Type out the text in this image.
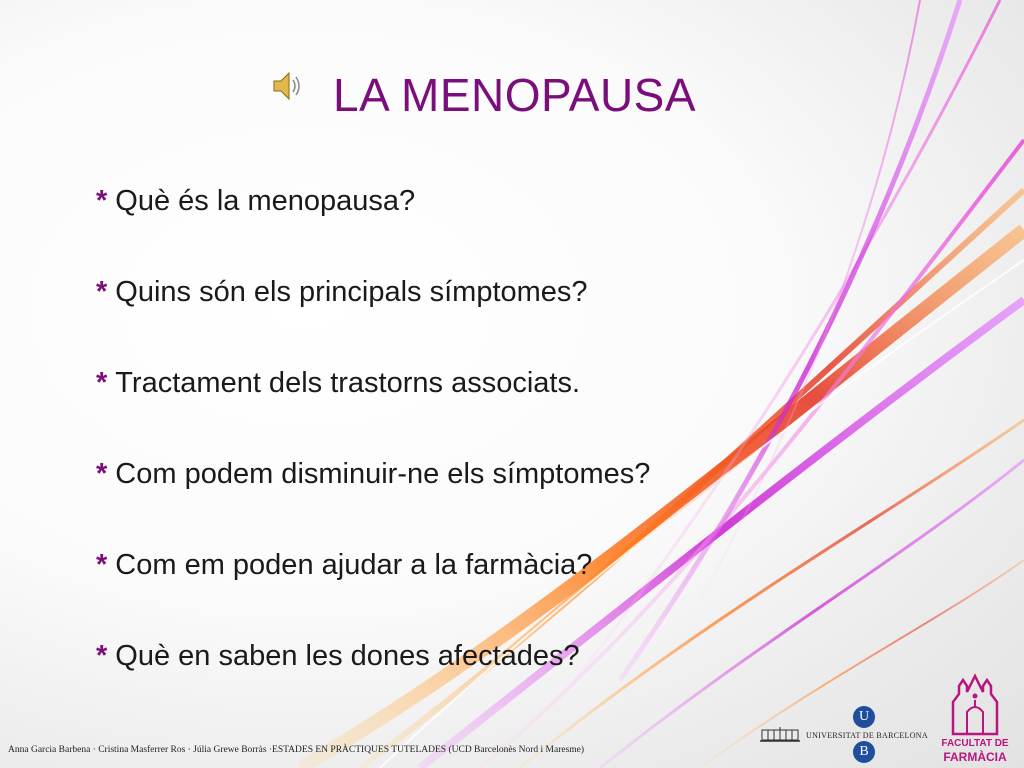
LA MENOPAUSA
* Què és la menopausa?
* Quins són els principals símptomes?
* Tractament dels trastorns associats.
* Com podem disminuir-ne els símptomes?
* Com em poden ajudar a la farmàcia?
* Què en saben les dones afectades?
Anna Garcia Barbena · Cristina Masferrer Ros · Júlia Grewe Borràs ·ESTADES EN PRÀCTIQUES TUTELADES (UCD Barcelonès Nord i Maresme)
U
UNIVERSITAT DE BARCELONA
B
FACULTAT DE
FARMÀCIA
